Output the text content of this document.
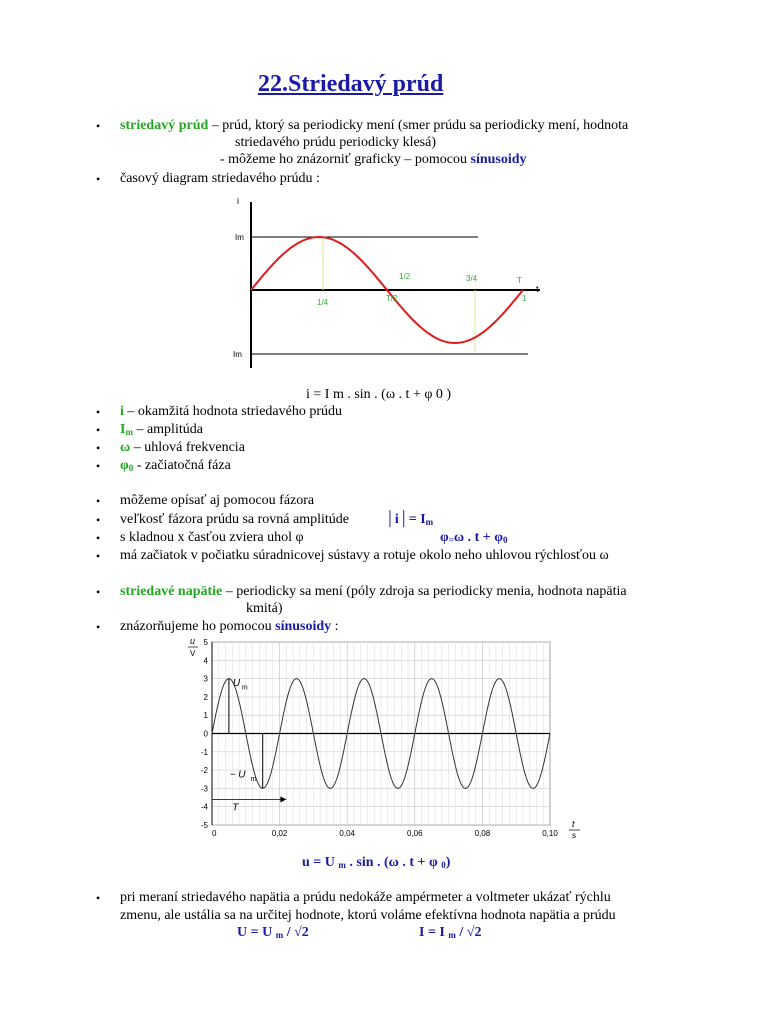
22.Striedavý prúd
• striedavý prúd – prúd, ktorý sa periodicky mení (smer prúdu sa periodicky mení, hodnota
striedavého prúdu periodicky klesá)
- môžeme ho znázorniť graficky – pomocou sínusoidy
• časový diagram striedavého prúdu :
i
t
Im
Im
1/4	T/2	1
1/2	3/4	T
i = I m . sin . (ω . t + φ 0 )
• i – okamžitá hodnota striedavého prúdu
• $I_m$ – amplitúda
• ω – uhlová frekvencia
• $\varphi_0$ - začiatočná fáza
• môžeme opísať aj pomocou fázora
• veľkosť fázora prúdu sa rovná amplitúde	│i│= $I_m$
• s kladnou x časťou zviera uhol φ	$\varphi_=\omega$ . $t + \varphi_0$
• má začiatok v počiatku súradnicovej sústavy a rotuje okolo neho uhlovou rýchlosťou ω
• striedavé napätie – periodicky sa mení (póly zdroja sa periodicky menia, hodnota napätia
kmitá)
• znázorňujeme ho pomocou sínusoidy :
5
4
3
2
1
0
-1
-2
-3
-4
-5
0	0,02	0,04	0,06	0,08	0,10
u
V
t
s
U m
− U m
T
u = U $_m$ . sin . (ω . t + φ $_0$)
• pri meraní striedavého napätia a prúdu nedokáže ampérmeter a voltmeter ukázať rýchlu
zmenu, ale ustália sa na určitej hodnote, ktorú voláme efektívna hodnota napätia a prúdu
U = U $_m$ / √2	I = I $_m$ / √2
